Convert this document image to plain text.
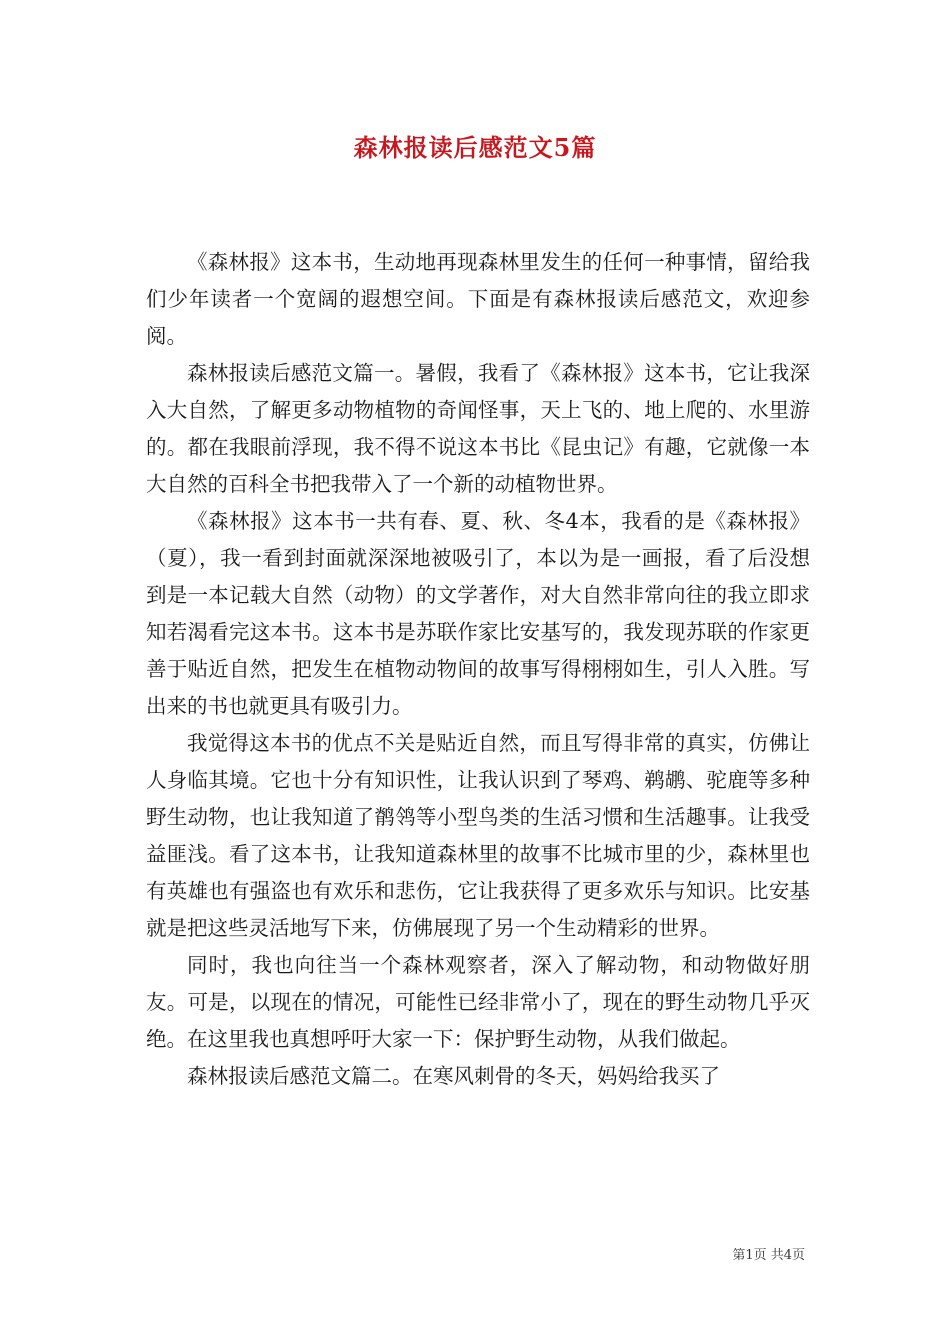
森林报读后感范文5篇

《森林报》这本书，生动地再现森林里发生的任何一种事情，留给我们少年读者一个宽阔的遐想空间。下面是有森林报读后感范文，欢迎参阅。

森林报读后感范文篇一。暑假，我看了《森林报》这本书，它让我深入大自然，了解更多动物植物的奇闻怪事，天上飞的、地上爬的、水里游的。都在我眼前浮现，我不得不说这本书比《昆虫记》有趣，它就像一本大自然的百科全书把我带入了一个新的动植物世界。

《森林报》这本书一共有春、夏、秋、冬4本，我看的是《森林报》（夏），我一看到封面就深深地被吸引了，本以为是一画报，看了后没想到是一本记载大自然（动物）的文学著作，对大自然非常向往的我立即求知若渴看完这本书。这本书是苏联作家比安基写的，我发现苏联的作家更善于贴近自然，把发生在植物动物间的故事写得栩栩如生，引人入胜。写出来的书也就更具有吸引力。

我觉得这本书的优点不关是贴近自然，而且写得非常的真实，仿佛让人身临其境。它也十分有知识性，让我认识到了琴鸡、鹈鹕、驼鹿等多种野生动物，也让我知道了鹡鸰等小型鸟类的生活习惯和生活趣事。让我受益匪浅。看了这本书，让我知道森林里的故事不比城市里的少，森林里也有英雄也有强盗也有欢乐和悲伤，它让我获得了更多欢乐与知识。比安基就是把这些灵活地写下来，仿佛展现了另一个生动精彩的世界。

同时，我也向往当一个森林观察者，深入了解动物，和动物做好朋友。可是，以现在的情况，可能性已经非常小了，现在的野生动物几乎灭绝。在这里我也真想呼吁大家一下：保护野生动物，从我们做起。

森林报读后感范文篇二。在寒风刺骨的冬天，妈妈给我买了

第1页 共4页
